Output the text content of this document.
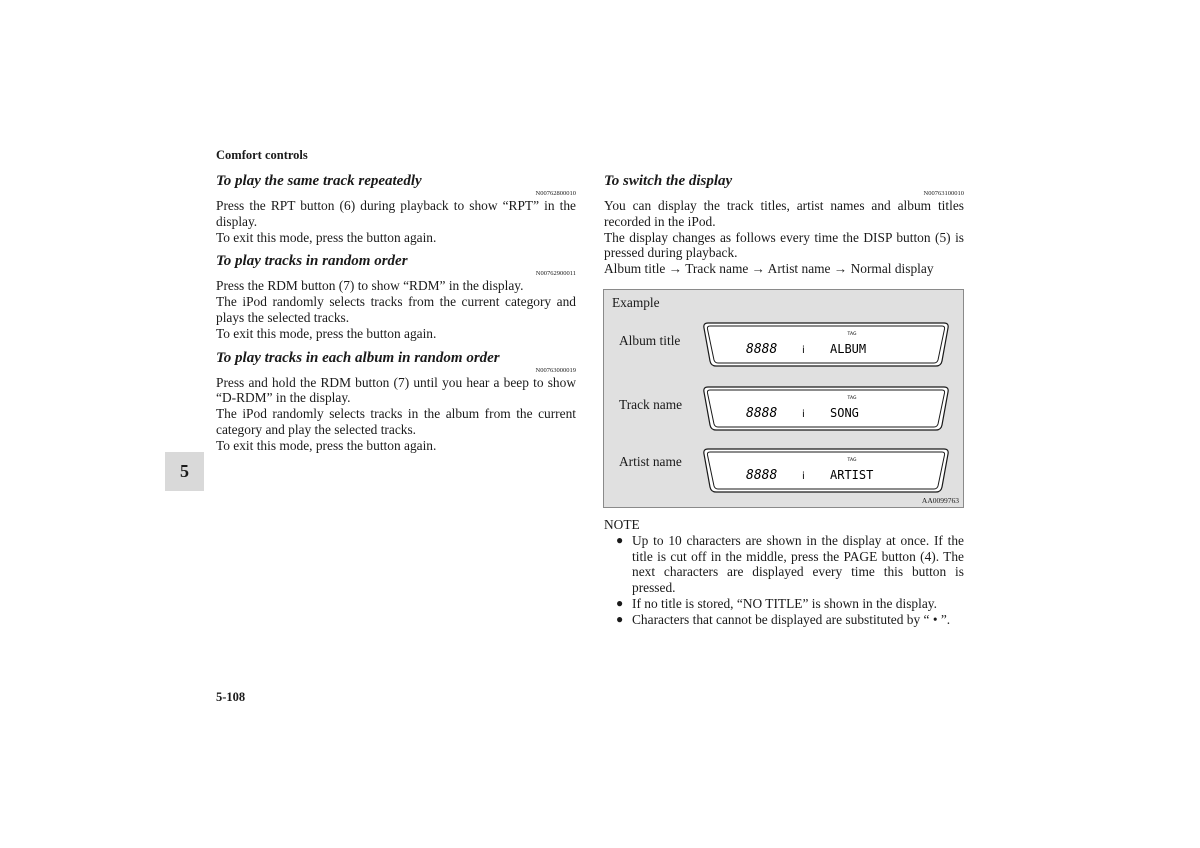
Comfort controls

To play the same track repeatedly

N00762800010

Press the RPT button (6) during playback to show “RPT” in the display.

To exit this mode, press the button again.

To play tracks in random order

N00762900011

Press the RDM button (7) to show “RDM” in the display.

The iPod randomly selects tracks from the current category and plays the selected tracks.

To exit this mode, press the button again.

To play tracks in each album in random order

N00763000019

Press and hold the RDM button (7) until you hear a beep to show “D-RDM” in the display.

The iPod randomly selects tracks in the album from the current category and play the selected tracks.

To exit this mode, press the button again.

To switch the display

N00763100010

You can display the track titles, artist names and album titles recorded in the iPod.

The display changes as follows every time the DISP button (5) is pressed during playback.

Album title → Track name → Artist name → Normal display

Example
Album title	TAG
8888 i ALBUM
Track name	TAG
8888 i SONG
Artist name	TAG
8888 i ARTIST
AA0099763

NOTE

● Up to 10 characters are shown in the display at once. If the title is cut off in the middle, press the PAGE button (4). The next characters are displayed every time this button is pressed.
● If no title is stored, “NO TITLE” is shown in the display.
● Characters that cannot be displayed are substituted by “ • ”.
5
5-108
